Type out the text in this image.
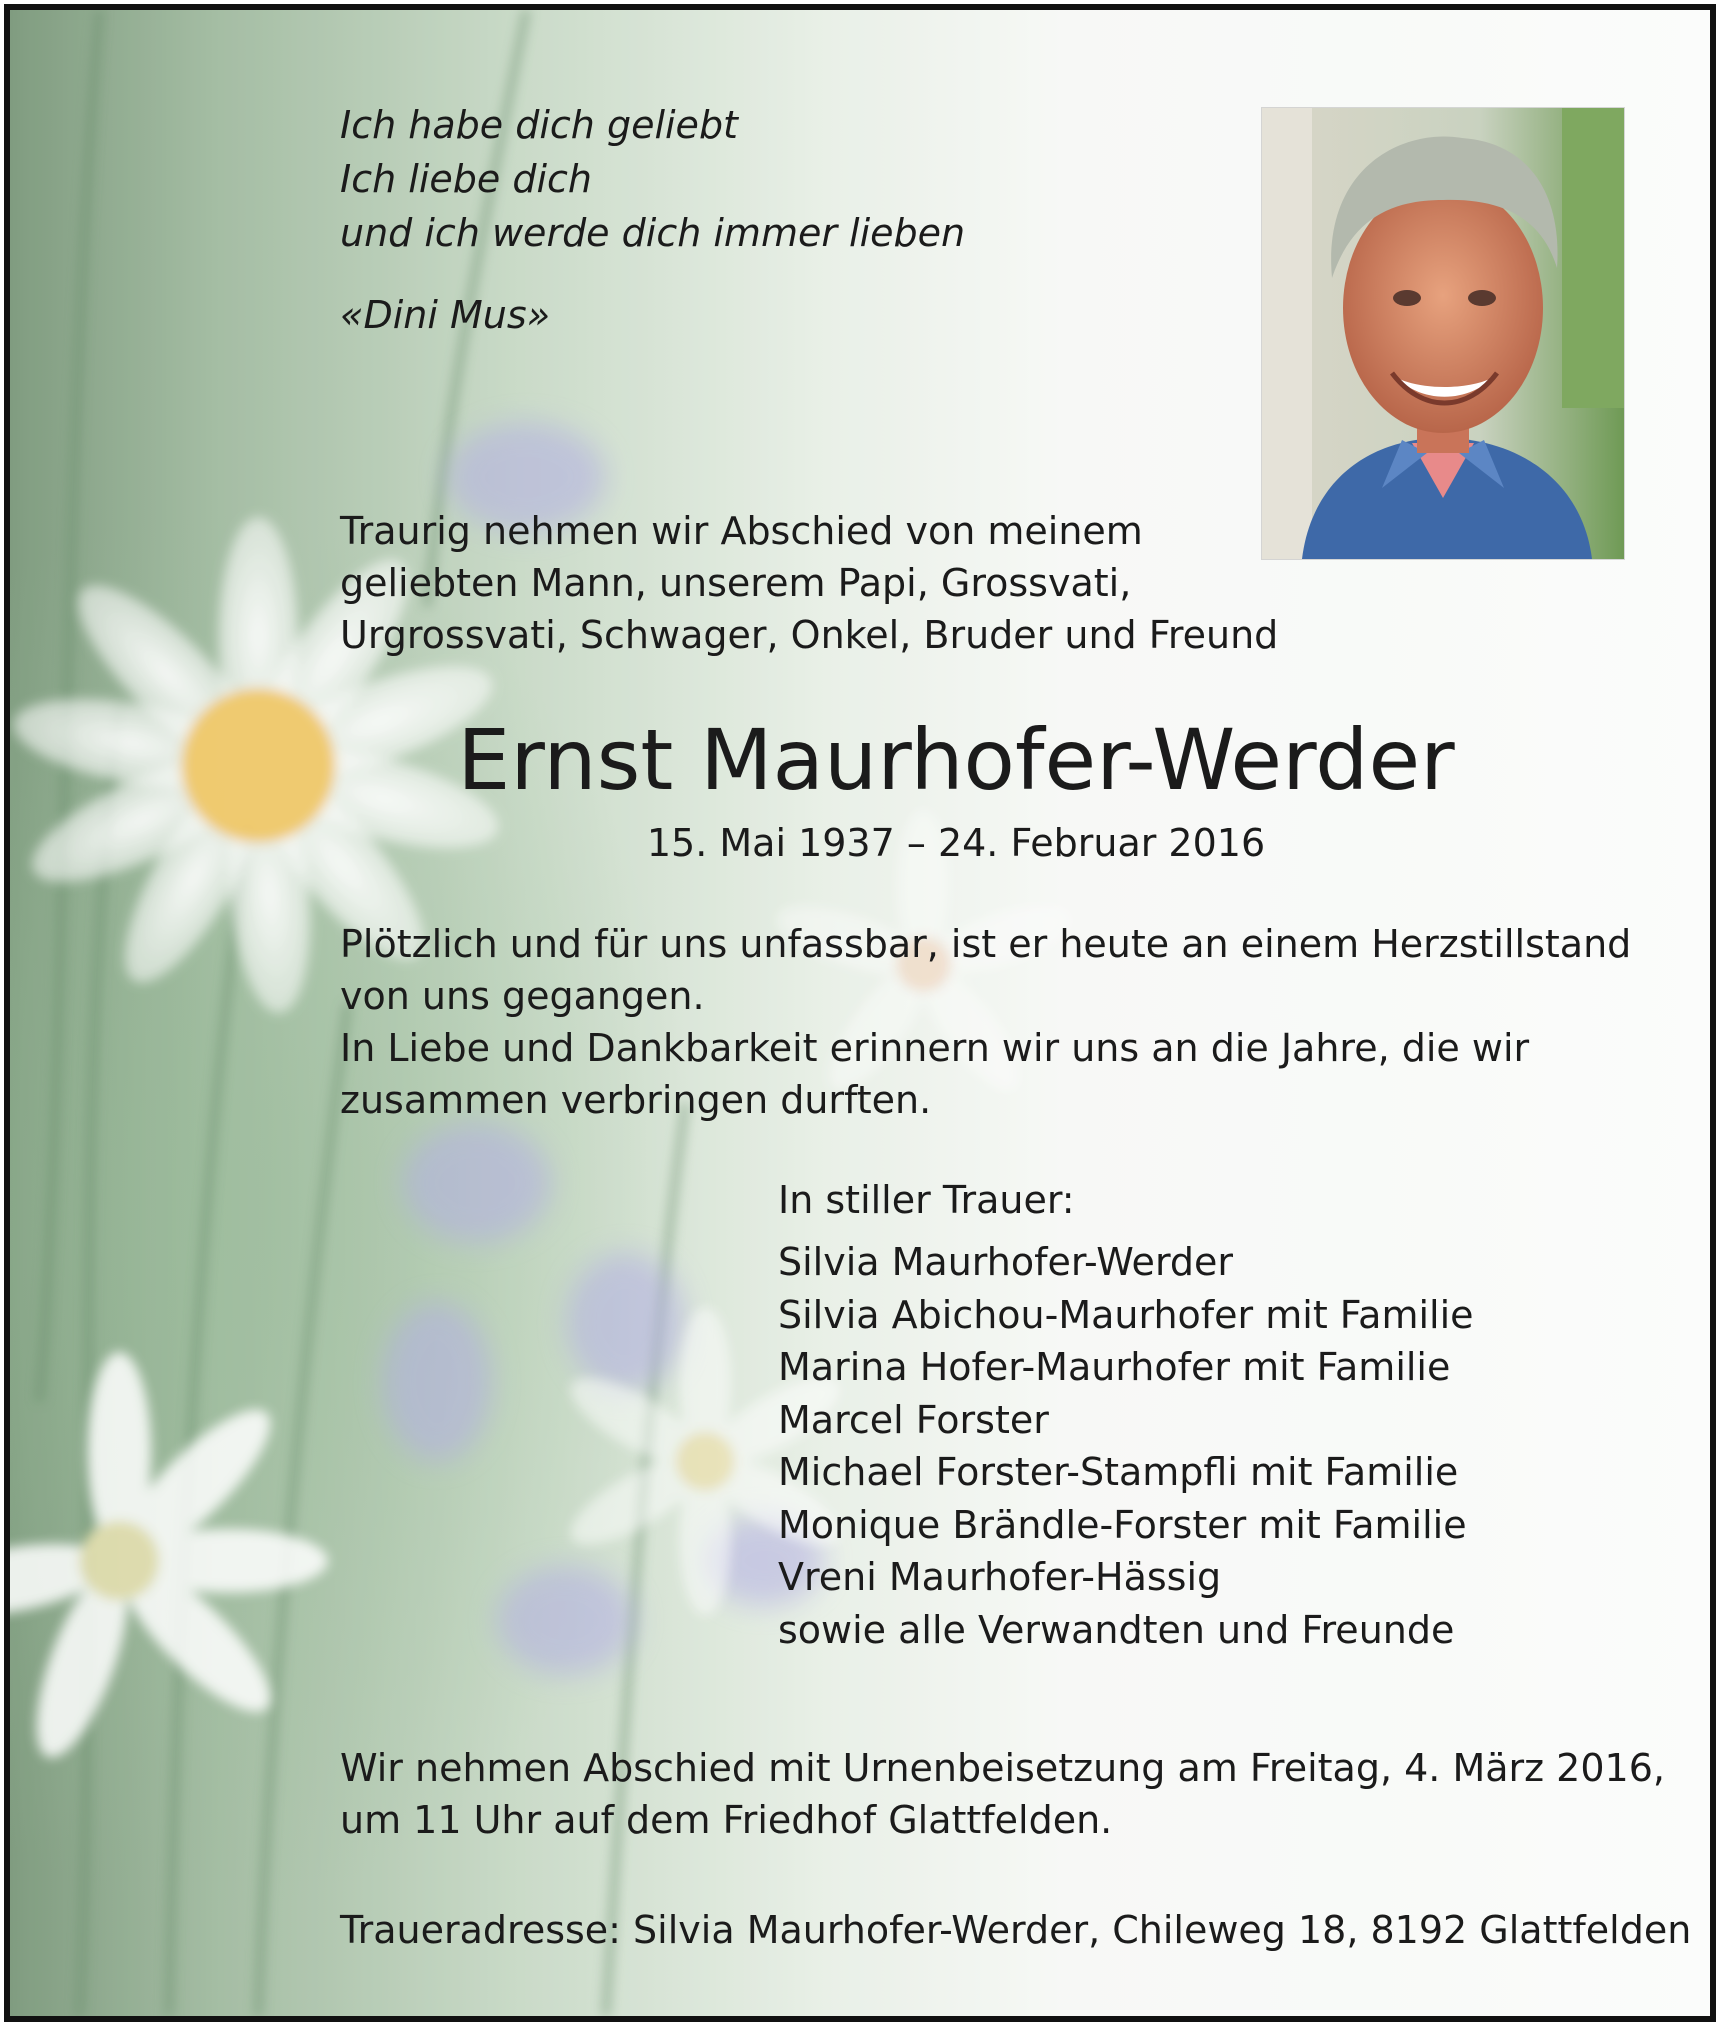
Ich habe dich geliebt
Ich liebe dich
und ich werde dich immer lieben
«Dini Mus»
Traurig nehmen wir Abschied von meinem
geliebten Mann, unserem Papi, Grossvati,
Urgrossvati, Schwager, Onkel, Bruder und Freund
Ernst Maurhofer-Werder
15. Mai 1937 – 24. Februar 2016
Plötzlich und für uns unfassbar, ist er heute an einem Herzstillstand
von uns gegangen.
In Liebe und Dankbarkeit erinnern wir uns an die Jahre, die wir
zusammen verbringen durften.
In stiller Trauer:
Silvia Maurhofer-Werder
Silvia Abichou-Maurhofer mit Familie
Marina Hofer-Maurhofer mit Familie
Marcel Forster
Michael Forster-Stampfli mit Familie
Monique Brändle-Forster mit Familie
Vreni Maurhofer-Hässig
sowie alle Verwandten und Freunde
Wir nehmen Abschied mit Urnenbeisetzung am Freitag, 4. März 2016,
um 11 Uhr auf dem Friedhof Glattfelden.
Traueradresse: Silvia Maurhofer-Werder, Chileweg 18, 8192 Glattfelden
